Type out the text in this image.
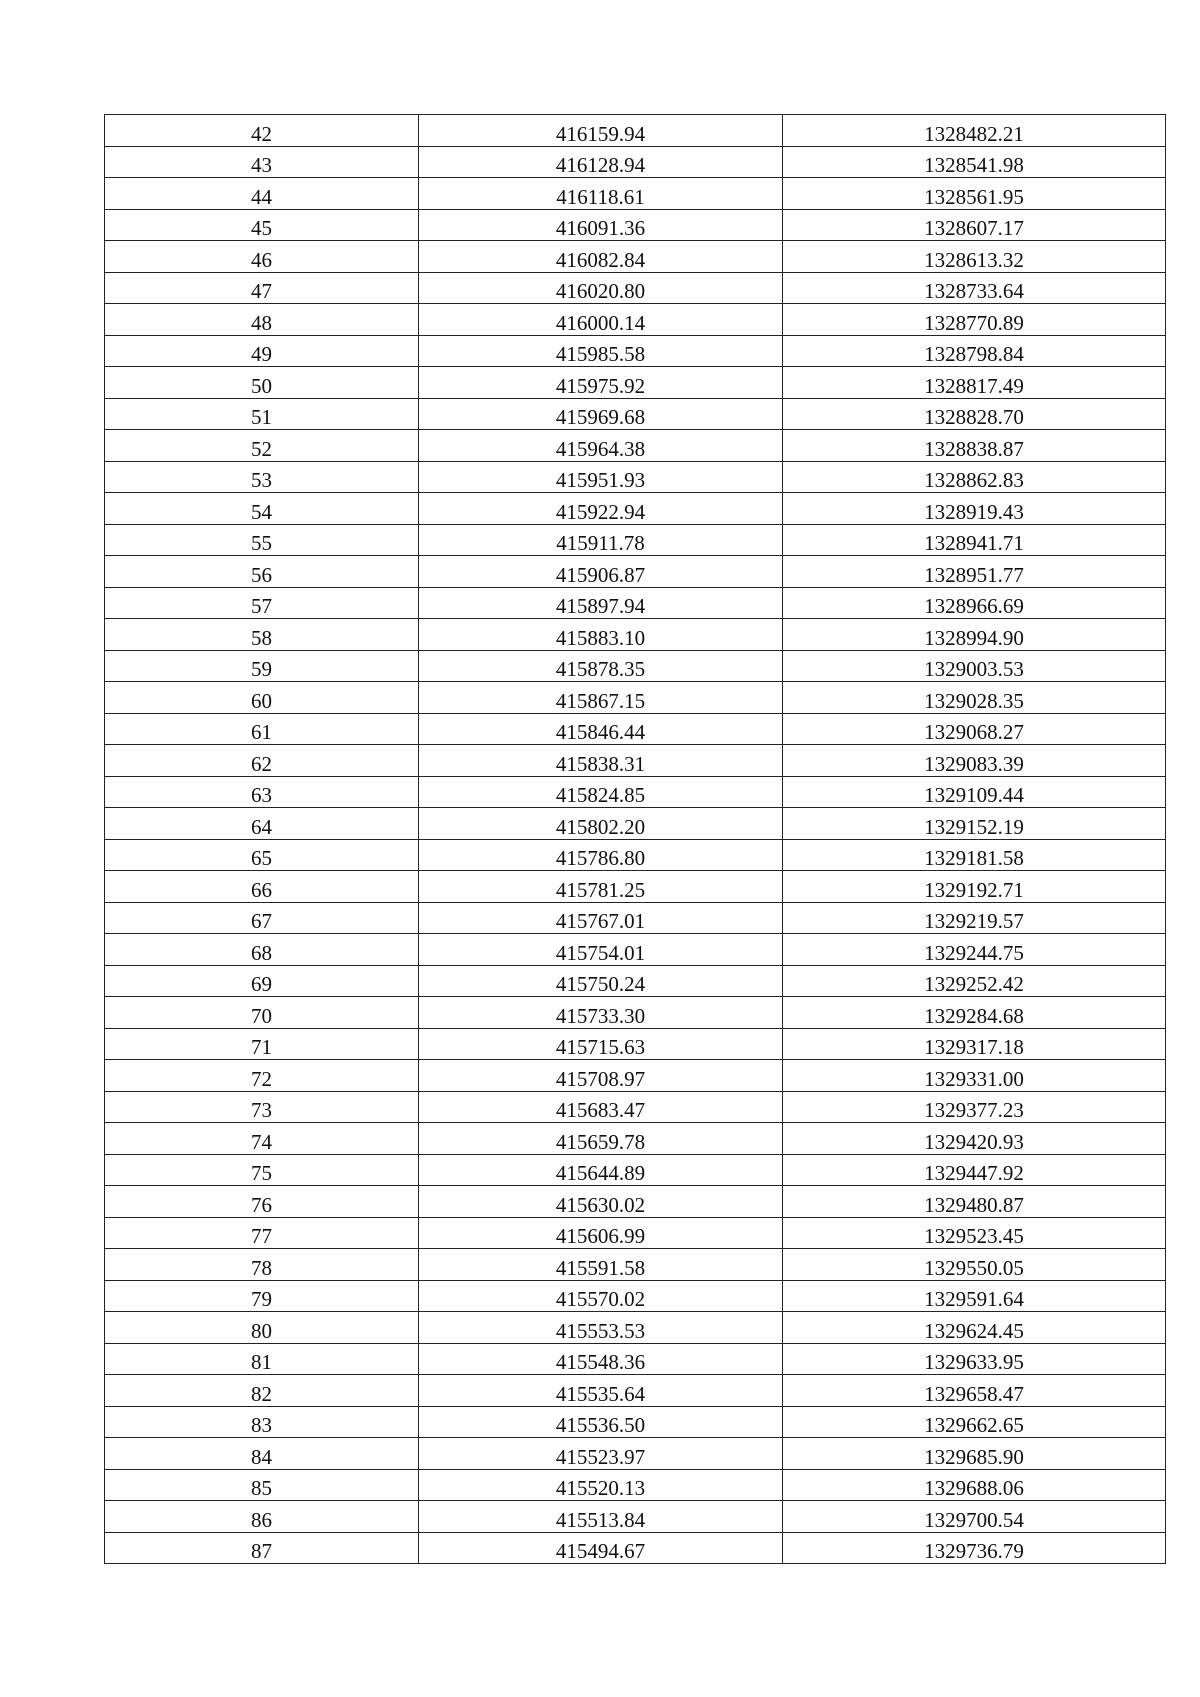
42	416159.94	1328482.21
43	416128.94	1328541.98
44	416118.61	1328561.95
45	416091.36	1328607.17
46	416082.84	1328613.32
47	416020.80	1328733.64
48	416000.14	1328770.89
49	415985.58	1328798.84
50	415975.92	1328817.49
51	415969.68	1328828.70
52	415964.38	1328838.87
53	415951.93	1328862.83
54	415922.94	1328919.43
55	415911.78	1328941.71
56	415906.87	1328951.77
57	415897.94	1328966.69
58	415883.10	1328994.90
59	415878.35	1329003.53
60	415867.15	1329028.35
61	415846.44	1329068.27
62	415838.31	1329083.39
63	415824.85	1329109.44
64	415802.20	1329152.19
65	415786.80	1329181.58
66	415781.25	1329192.71
67	415767.01	1329219.57
68	415754.01	1329244.75
69	415750.24	1329252.42
70	415733.30	1329284.68
71	415715.63	1329317.18
72	415708.97	1329331.00
73	415683.47	1329377.23
74	415659.78	1329420.93
75	415644.89	1329447.92
76	415630.02	1329480.87
77	415606.99	1329523.45
78	415591.58	1329550.05
79	415570.02	1329591.64
80	415553.53	1329624.45
81	415548.36	1329633.95
82	415535.64	1329658.47
83	415536.50	1329662.65
84	415523.97	1329685.90
85	415520.13	1329688.06
86	415513.84	1329700.54
87	415494.67	1329736.79
